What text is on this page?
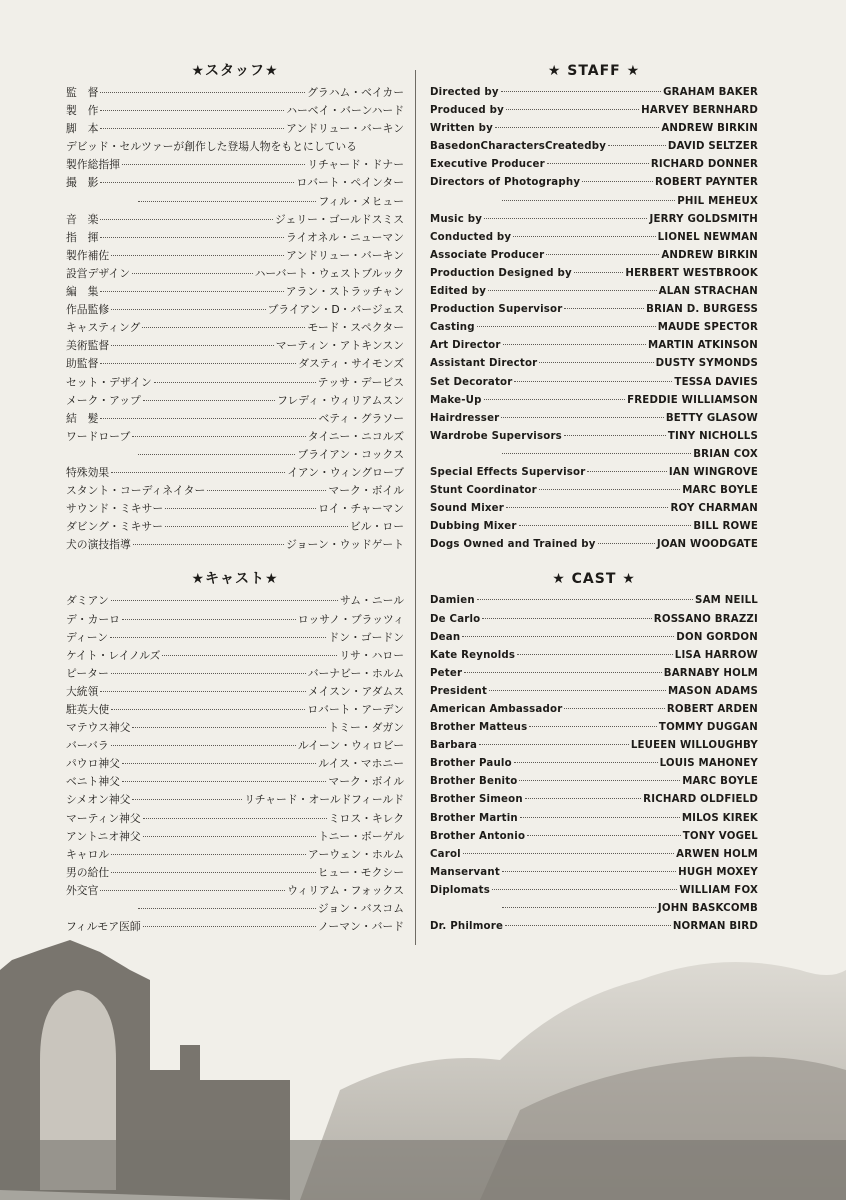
★スタッフ★
監　督	グラハム・ベイカー
製　作	ハーベイ・バーンハード
脚　本	アンドリュー・バーキン
デビッド・セルツァーが創作した登場人物をもとにしている
製作総指揮	リチャード・ドナー
撮　影	ロバート・ペインター
フィル・メヒュー
音　楽	ジェリー・ゴールドスミス
指　揮	ライオネル・ニューマン
製作補佐	アンドリュー・バーキン
設営デザイン	ハーバート・ウェストブルック
編　集	アラン・ストラッチャン
作品監修	ブライアン・D・バージェス
キャスティング	モード・スペクター
美術監督	マーティン・アトキンスン
助監督	ダスティ・サイモンズ
セット・デザイン	テッサ・デービス
メーク・アップ	フレディ・ウィリアムスン
結　髪	ベティ・グラソー
ワードローブ	タイニー・ニコルズ
ブライアン・コックス
特殊効果	イアン・ウィングローブ
スタント・コーディネイター	マーク・ボイル
サウンド・ミキサー	ロイ・チャーマン
ダビング・ミキサー	ビル・ロー
犬の演技指導	ジョーン・ウッドゲート
★キャスト★
ダミアン	サム・ニール
デ・カーロ	ロッサノ・ブラッツィ
ディーン	ドン・ゴードン
ケイト・レイノルズ	リサ・ハロー
ピーター	バーナビー・ホルム
大統領	メイスン・アダムス
駐英大使	ロバート・アーデン
マテウス神父	トミー・ダガン
バーバラ	ルイーン・ウィロビー
パウロ神父	ルイス・マホニー
ベニト神父	マーク・ボイル
シメオン神父	リチャード・オールドフィールド
マーティン神父	ミロス・キレク
アントニオ神父	トニー・ボーゲル
キャロル	アーウェン・ホルム
男の給仕	ヒュー・モクシー
外交官	ウィリアム・フォックス
ジョン・バスコム
フィルモア医師	ノーマン・バード
★ STAFF ★
Directed by	GRAHAM BAKER
Produced by	HARVEY BERNHARD
Written by	ANDREW BIRKIN
BasedonCharactersCreatedby	DAVID SELTZER
Executive Producer	RICHARD DONNER
Directors of Photography	ROBERT PAYNTER
PHIL MEHEUX
Music by	JERRY GOLDSMITH
Conducted by	LIONEL NEWMAN
Associate Producer	ANDREW BIRKIN
Production Designed by	HERBERT WESTBROOK
Edited by	ALAN STRACHAN
Production Supervisor	BRIAN D. BURGESS
Casting	MAUDE SPECTOR
Art Director	MARTIN ATKINSON
Assistant Director	DUSTY SYMONDS
Set Decorator	TESSA DAVIES
Make-Up	FREDDIE WILLIAMSON
Hairdresser	BETTY GLASOW
Wardrobe Supervisors	TINY NICHOLLS
BRIAN COX
Special Effects Supervisor	IAN WINGROVE
Stunt Coordinator	MARC BOYLE
Sound Mixer	ROY CHARMAN
Dubbing Mixer	BILL ROWE
Dogs Owned and Trained by	JOAN WOODGATE
★ CAST ★
Damien	SAM NEILL
De Carlo	ROSSANO BRAZZI
Dean	DON GORDON
Kate Reynolds	LISA HARROW
Peter	BARNABY HOLM
President	MASON ADAMS
American Ambassador	ROBERT ARDEN
Brother Matteus	TOMMY DUGGAN
Barbara	LEUEEN WILLOUGHBY
Brother Paulo	LOUIS MAHONEY
Brother Benito	MARC BOYLE
Brother Simeon	RICHARD OLDFIELD
Brother Martin	MILOS KIREK
Brother Antonio	TONY VOGEL
Carol	ARWEN HOLM
Manservant	HUGH MOXEY
Diplomats	WILLIAM FOX
JOHN BASKCOMB
Dr. Philmore	NORMAN BIRD
